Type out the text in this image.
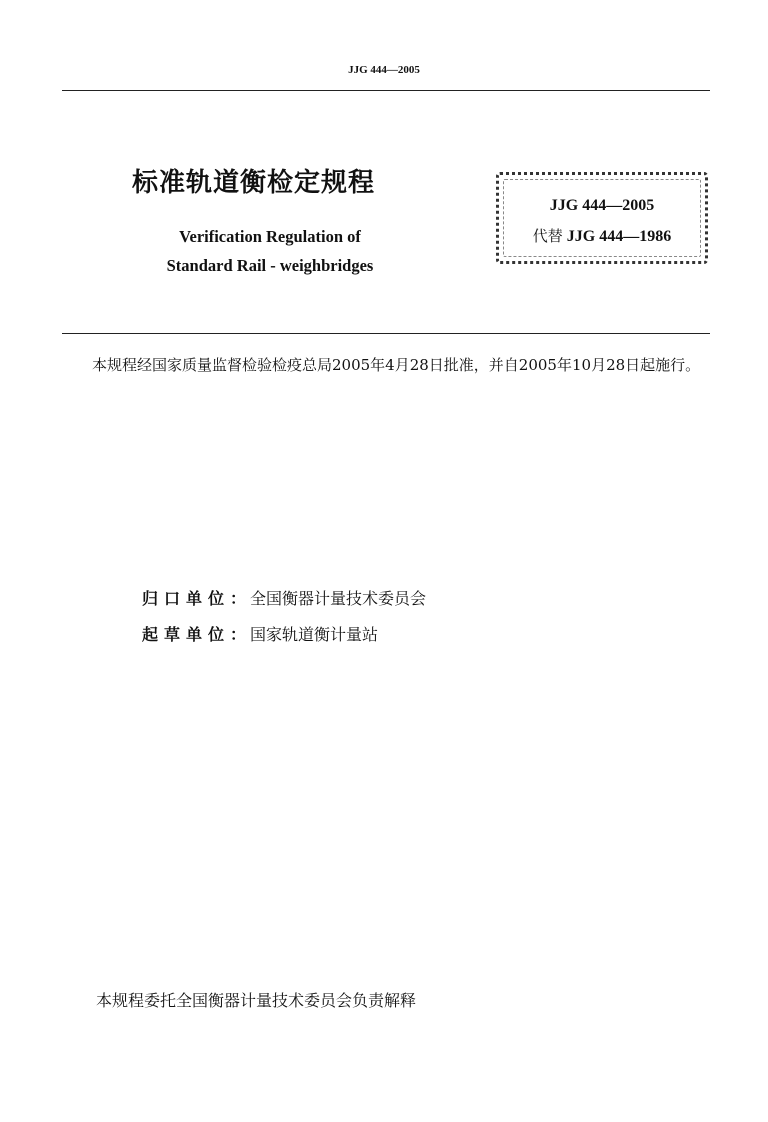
JJG 444—2005
标准轨道衡检定规程
Verification Regulation of
Standard Rail - weighbridges
JJG 444—2005
代替 JJG 444—1986
本规程经国家质量监督检验检疫总局2005年4月28日批准，并自2005年10月28日起施行。
归口单位： 全国衡器计量技术委员会
起草单位： 国家轨道衡计量站
本规程委托全国衡器计量技术委员会负责解释
